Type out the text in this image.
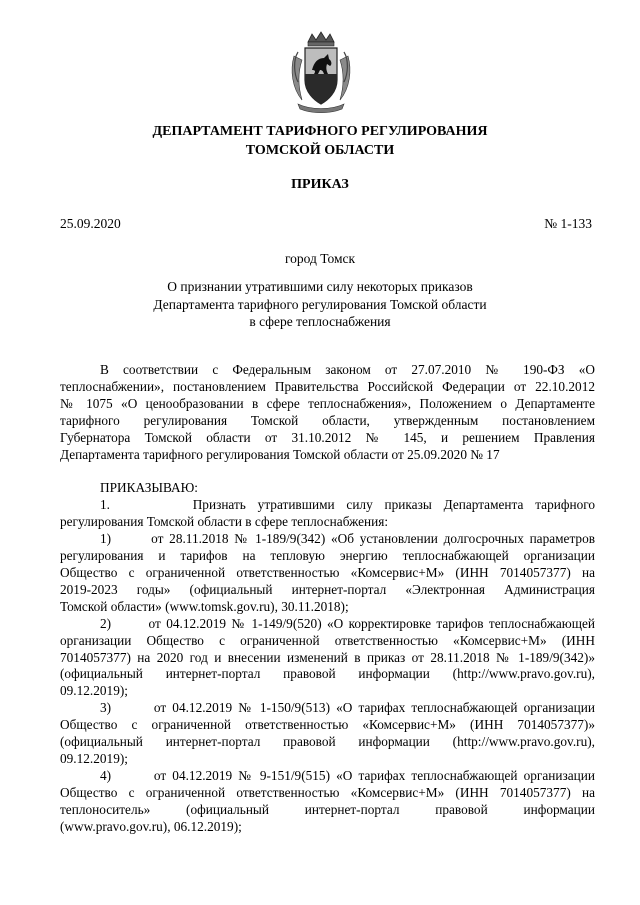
ДЕПАРТАМЕНТ ТАРИФНОГО РЕГУЛИРОВАНИЯ
ТОМСКОЙ ОБЛАСТИ
ПРИКАЗ
25.09.2020	№ 1-133
город Томск
О признании утратившими силу некоторых приказов
Департамента тарифного регулирования Томской области
в сфере теплоснабжения
В соответствии с Федеральным законом от 27.07.2010 № 190-ФЗ «О
теплоснабжении», постановлением Правительства Российской Федерации от 22.10.2012
№ 1075 «О ценообразовании в сфере теплоснабжения», Положением о Департаменте
тарифного регулирования Томской области, утвержденным постановлением
Губернатора Томской области от 31.10.2012 № 145, и решением Правления
Департамента тарифного регулирования Томской области от 25.09.2020 № 17
ПРИКАЗЫВАЮ:
1.       Признать утратившими силу приказы Департамента тарифного
регулирования Томской области в сфере теплоснабжения:
1)       от 28.11.2018 № 1-189/9(342) «Об установлении долгосрочных параметров
регулирования и тарифов на тепловую энергию теплоснабжающей организации
Общество с ограниченной ответственностью «Комсервис+М» (ИНН 7014057377) на
2019-2023 годы» (официальный интернет-портал «Электронная Администрация
Томской области» (www.tomsk.gov.ru), 30.11.2018);
2)       от 04.12.2019 № 1-149/9(520) «О корректировке тарифов теплоснабжающей
организации Общество с ограниченной ответственностью «Комсервис+М» (ИНН
7014057377) на 2020 год и внесении изменений в приказ от 28.11.2018 № 1-189/9(342)»
(официальный интернет-портал правовой информации (http://www.pravo.gov.ru),
09.12.2019);
3)       от 04.12.2019 № 1-150/9(513) «О тарифах теплоснабжающей организации
Общество с ограниченной ответственностью «Комсервис+М» (ИНН 7014057377)»
(официальный интернет-портал правовой информации (http://www.pravo.gov.ru),
09.12.2019);
4)       от 04.12.2019 № 9-151/9(515) «О тарифах теплоснабжающей организации
Общество с ограниченной ответственностью «Комсервис+М» (ИНН 7014057377) на
теплоноситель» (официальный интернет-портал правовой информации
(www.pravo.gov.ru), 06.12.2019);
